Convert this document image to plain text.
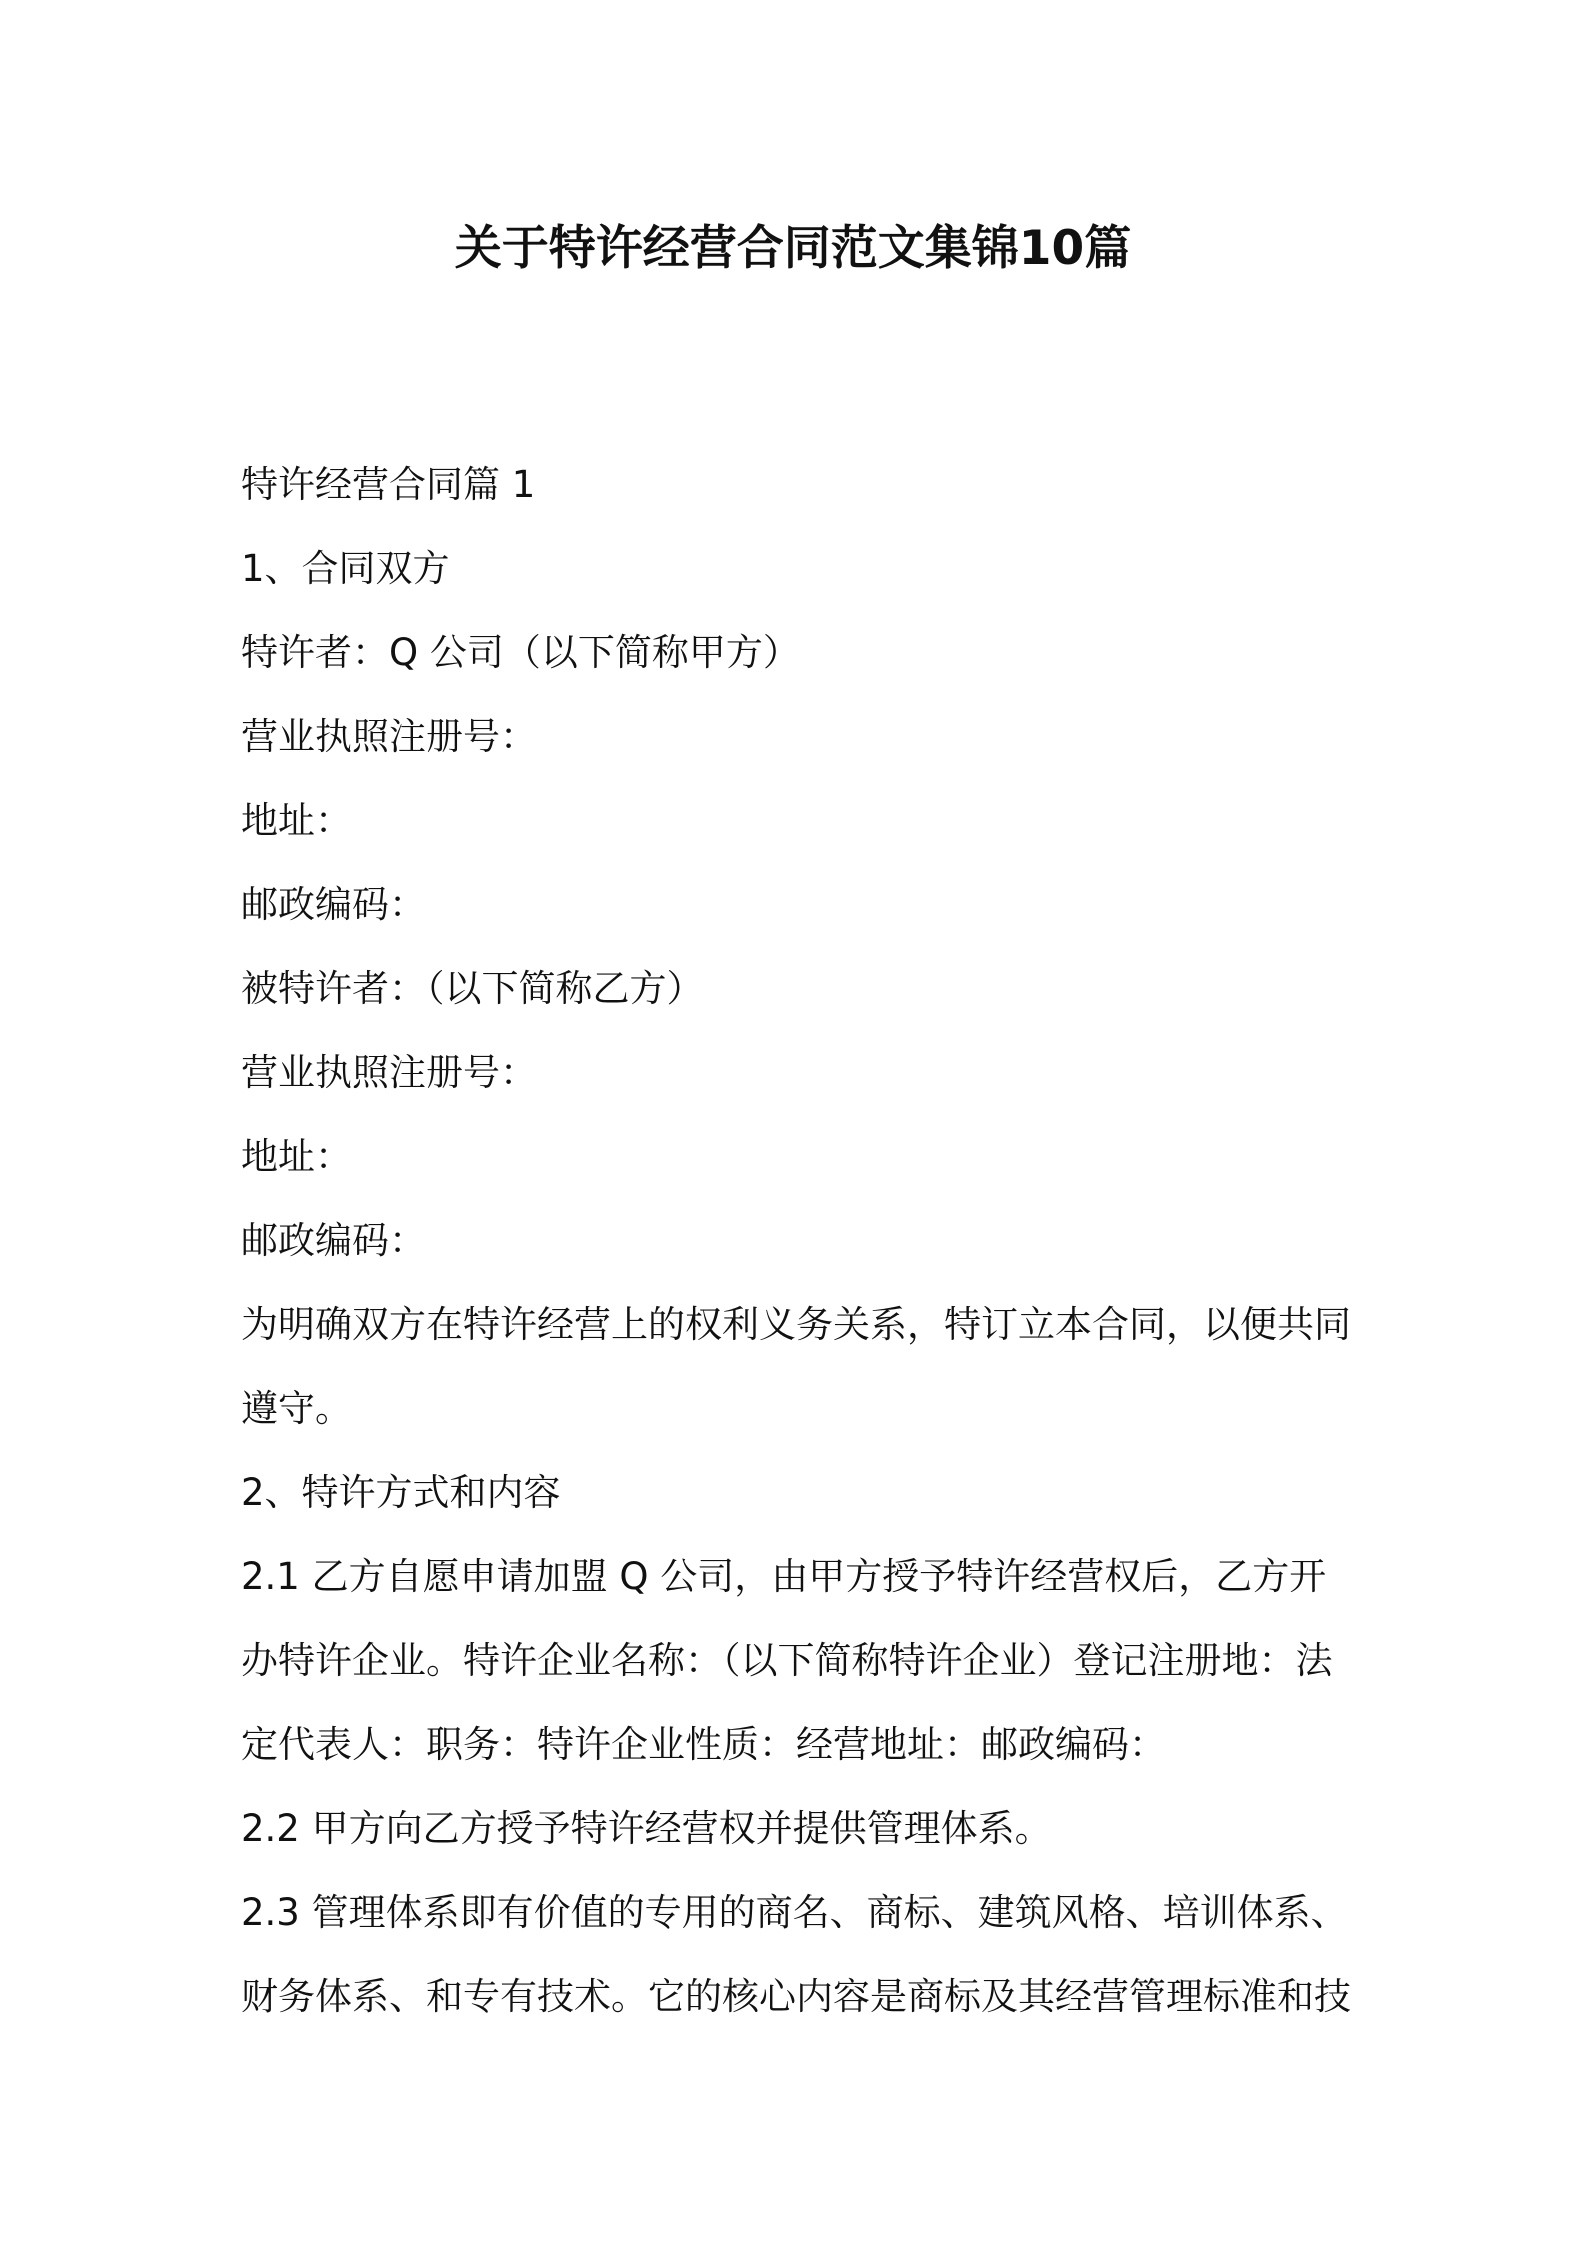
关于特许经营合同范文集锦10篇

特许经营合同篇 1

1、合同双方

特许者：Q 公司（以下简称甲方）

营业执照注册号：

地址：

邮政编码：

被特许者：（以下简称乙方）

营业执照注册号：

地址：

邮政编码：

为明确双方在特许经营上的权利义务关系，特订立本合同，以便共同遵守。

2、特许方式和内容

2.1 乙方自愿申请加盟 Q 公司，由甲方授予特许经营权后，乙方开办特许企业。特许企业名称：（以下简称特许企业）登记注册地：法定代表人：职务：特许企业性质：经营地址：邮政编码：

2.2 甲方向乙方授予特许经营权并提供管理体系。

2.3 管理体系即有价值的专用的商名、商标、建筑风格、培训体系、财务体系、和专有技术。它的核心内容是商标及其经营管理标准和技
